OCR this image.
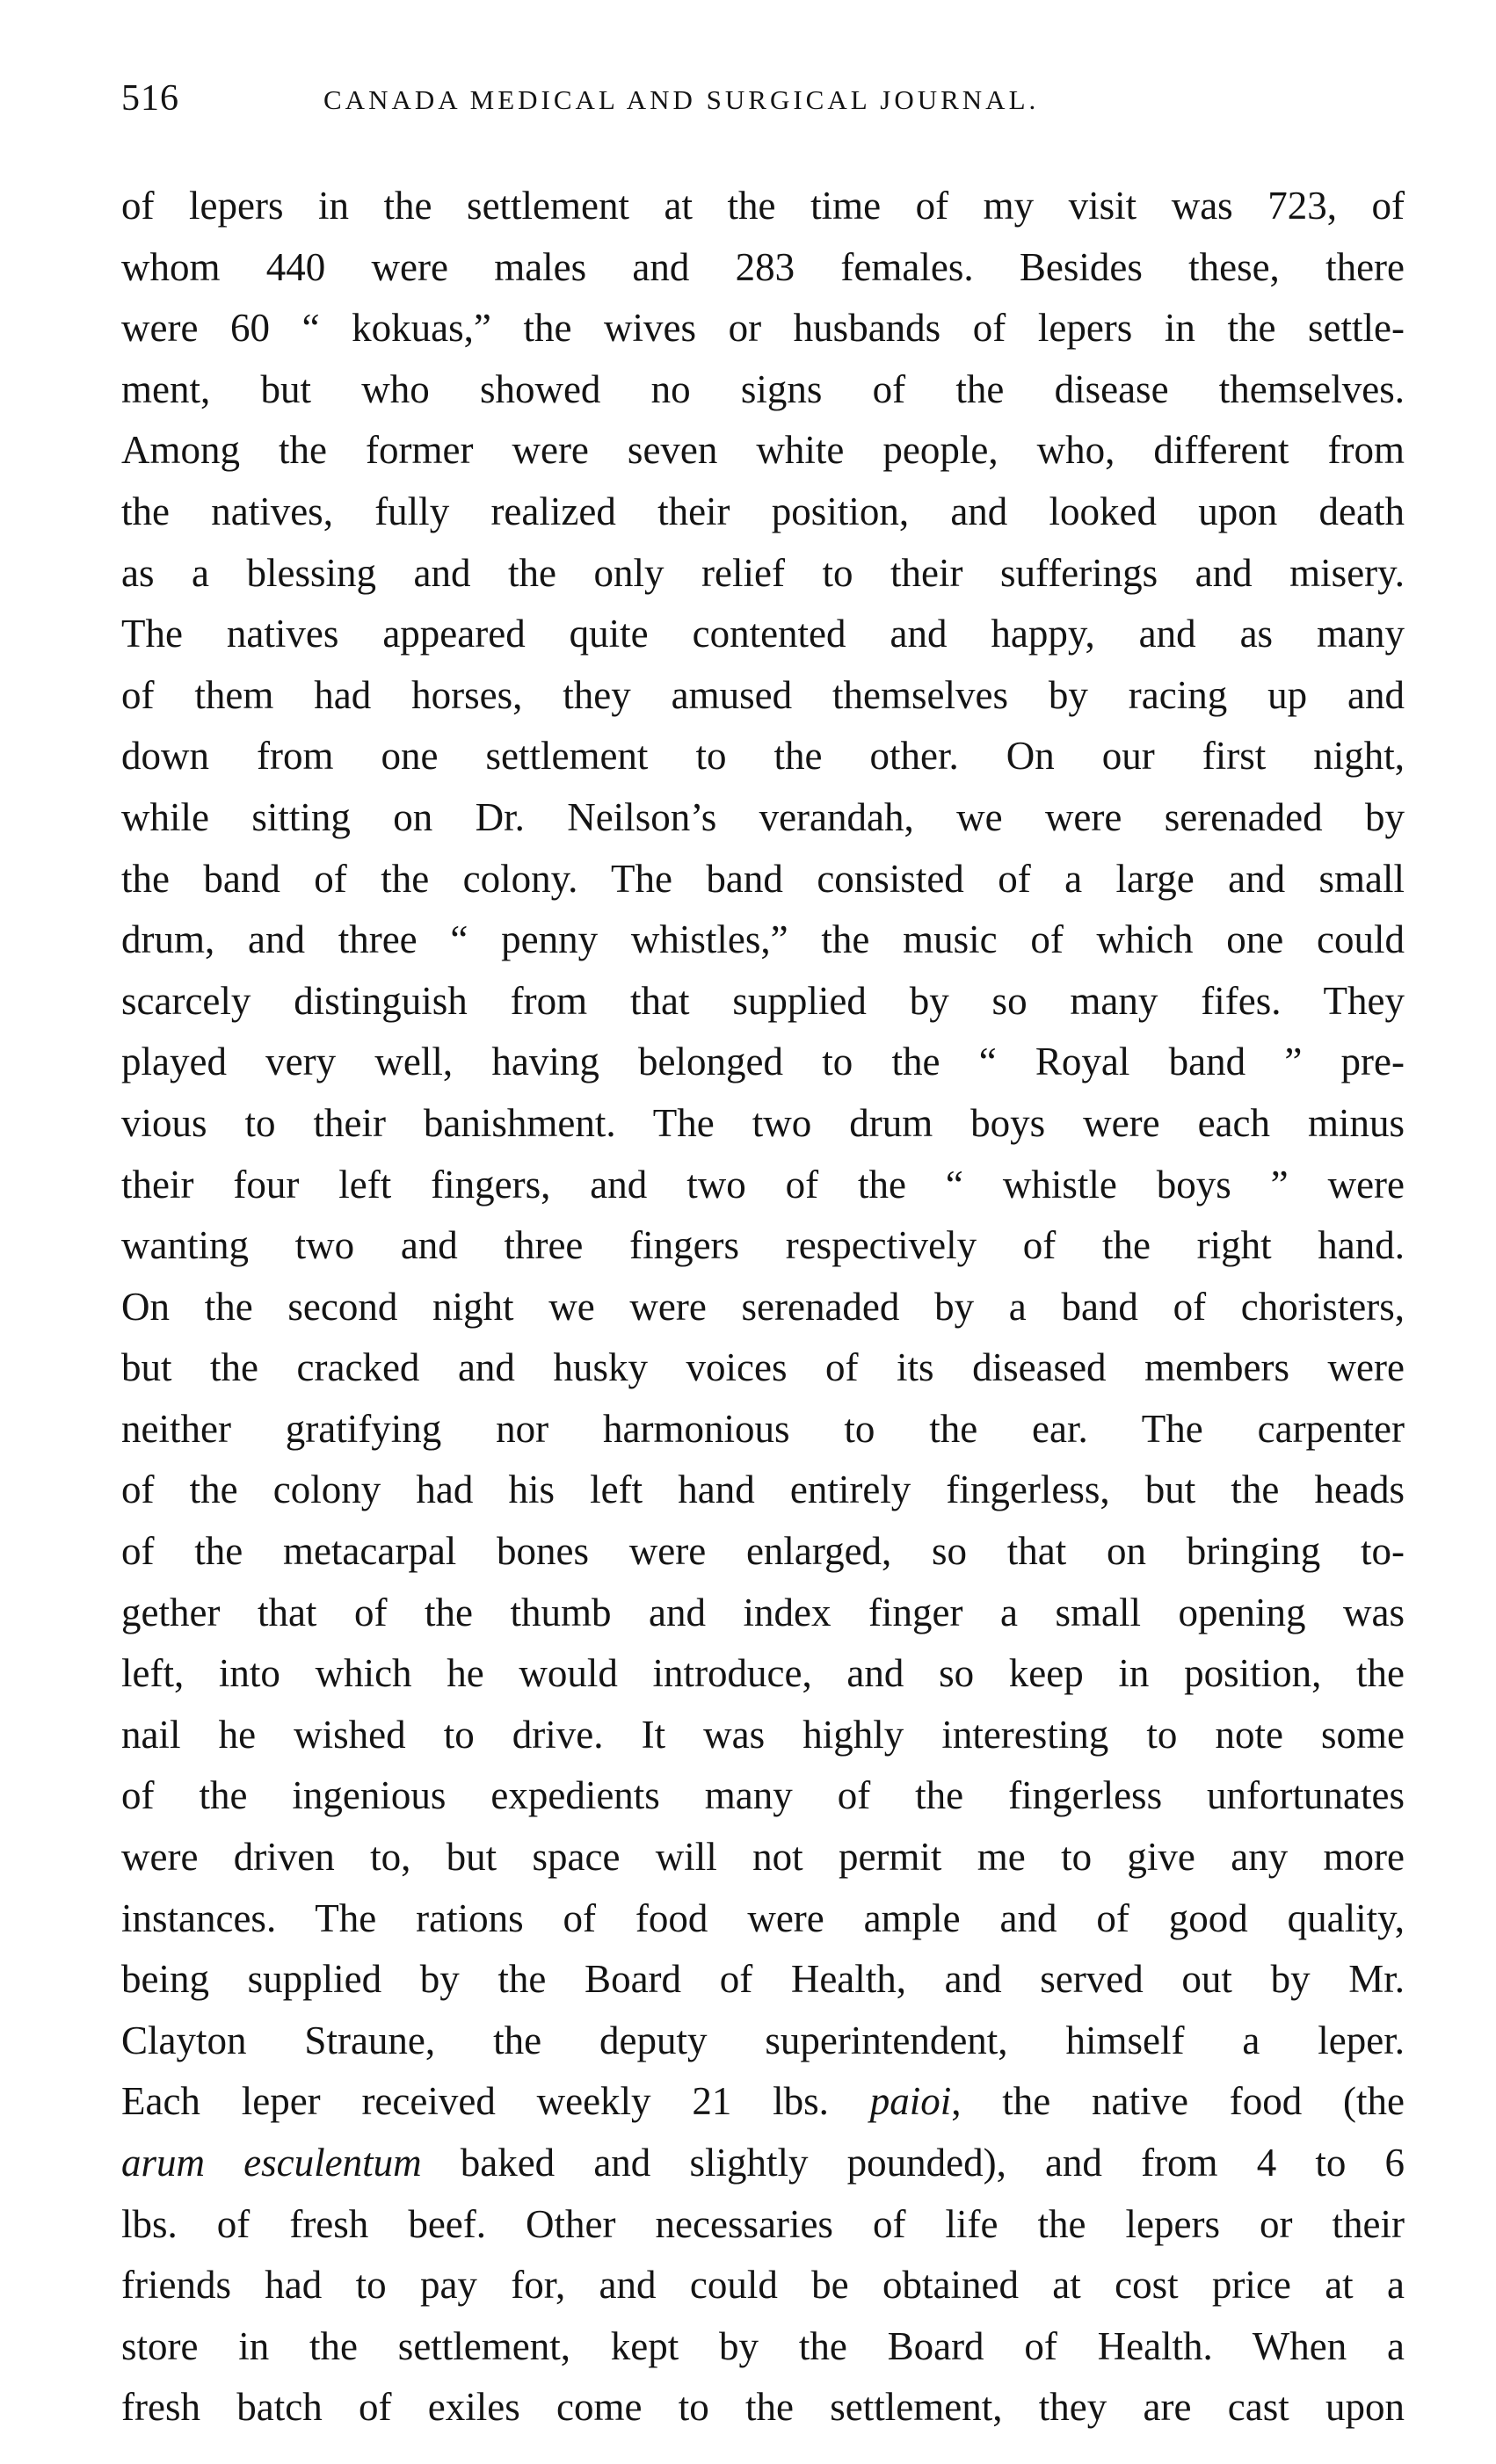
516	CANADA MEDICAL AND SURGICAL JOURNAL.
of lepers in the settlement at the time of my visit was 723, of
whom 440 were males and 283 females. Besides these, there
were 60 “ kokuas,” the wives or husbands of lepers in the settle-
ment, but who showed no signs of the disease themselves.
Among the former were seven white people, who, different from
the natives, fully realized their position, and looked upon death
as a blessing and the only relief to their sufferings and misery.
The natives appeared quite contented and happy, and as many
of them had horses, they amused themselves by racing up and
down from one settlement to the other. On our first night,
while sitting on Dr. Neilson’s verandah, we were serenaded by
the band of the colony. The band consisted of a large and small
drum, and three “ penny whistles,” the music of which one could
scarcely distinguish from that supplied by so many fifes. They
played very well, having belonged to the “ Royal band ” pre-
vious to their banishment. The two drum boys were each minus
their four left fingers, and two of the “ whistle boys ” were
wanting two and three fingers respectively of the right hand.
On the second night we were serenaded by a band of choristers,
but the cracked and husky voices of its diseased members were
neither gratifying nor harmonious to the ear. The carpenter
of the colony had his left hand entirely fingerless, but the heads
of the metacarpal bones were enlarged, so that on bringing to-
gether that of the thumb and index finger a small opening was
left, into which he would introduce, and so keep in position, the
nail he wished to drive. It was highly interesting to note some
of the ingenious expedients many of the fingerless unfortunates
were driven to, but space will not permit me to give any more
instances. The rations of food were ample and of good quality,
being supplied by the Board of Health, and served out by Mr.
Clayton Straune, the deputy superintendent, himself a leper.
Each leper received weekly 21 lbs. paioi, the native food (the
arum esculentum baked and slightly pounded), and from 4 to 6
lbs. of fresh beef. Other necessaries of life the lepers or their
friends had to pay for, and could be obtained at cost price at a
store in the settlement, kept by the Board of Health. When a
fresh batch of exiles come to the settlement, they are cast upon
